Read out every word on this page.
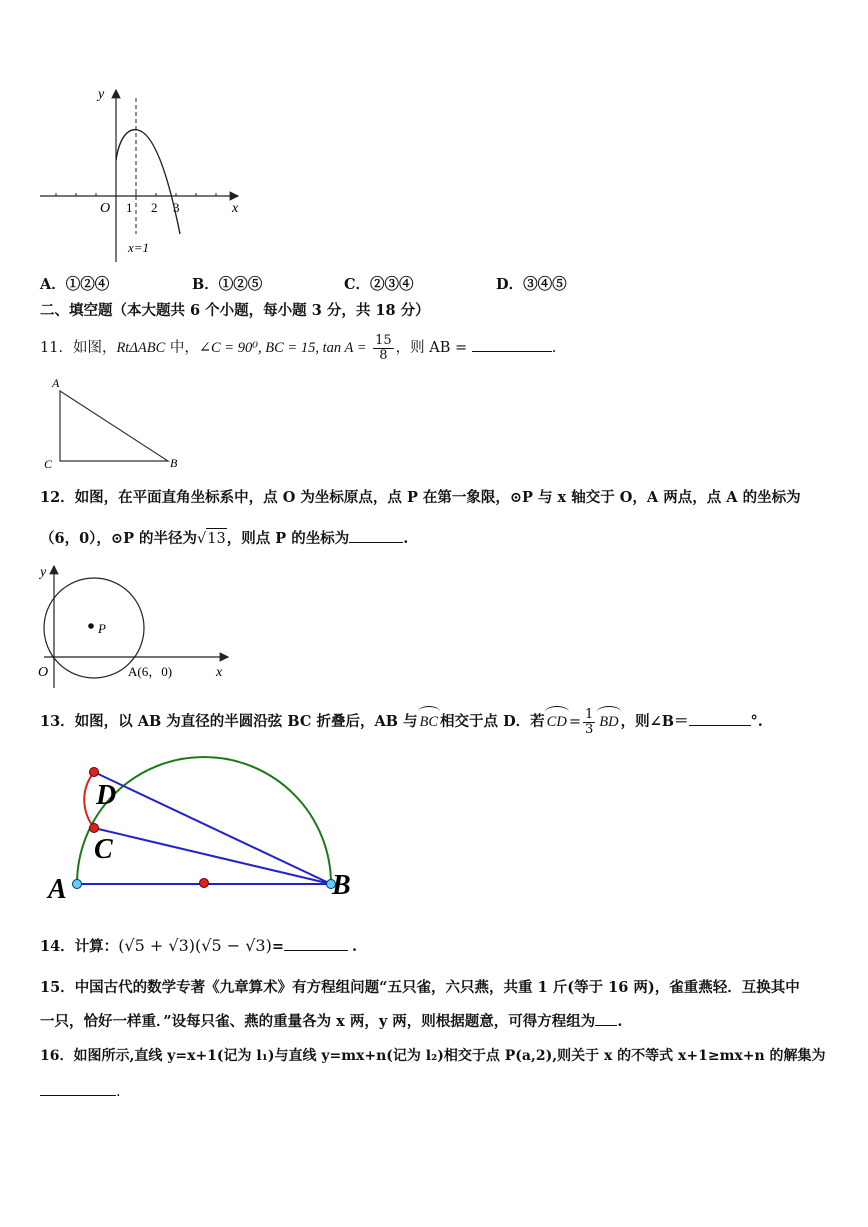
y
x
O 1 2 3
x=1
A．①②④	B．①②⑤	C．②③④	D．③④⑤
二、填空题（本大题共 6 个小题，每小题 3 分，共 18 分）
11．如图，RtΔABC 中，∠C = 90⁰, BC = 15, $\tan A = \frac{15}{8}$ ，则 AB =	.
A
C	B
12．如图，在平面直角坐标系中，点 O 为坐标原点，点 P 在第一象限，⊙P 与 x 轴交于 O，A 两点，点 A 的坐标为
（6，0），⊙P 的半径为√13，则点 P 的坐标为	.
y
x
O
P
A(6，0)
13．如图，以 AB 为直径的半圆沿弦 BC 折叠后，AB 与 BC 相交于点 D．若 CD = $\frac{1}{3}$ BD ，则∠B＝	°.
D
C
A	B
14．计算：(√5 + √3)(√5 − √3)=	.
15．中国古代的数学专著《九章算术》有方程组问题“五只雀，六只燕，共重 1 斤(等于 16 两)，雀重燕轻．互换其中
一只，恰好一样重．”设每只雀、燕的重量各为 x 两，y 两，则根据题意，可得方程组为 .
16．如图所示,直线 y=x+1(记为 l₁)与直线 y=mx+n(记为 l₂)相交于点 P(a,2),则关于 x 的不等式 x+1≥mx+n 的解集为
.
